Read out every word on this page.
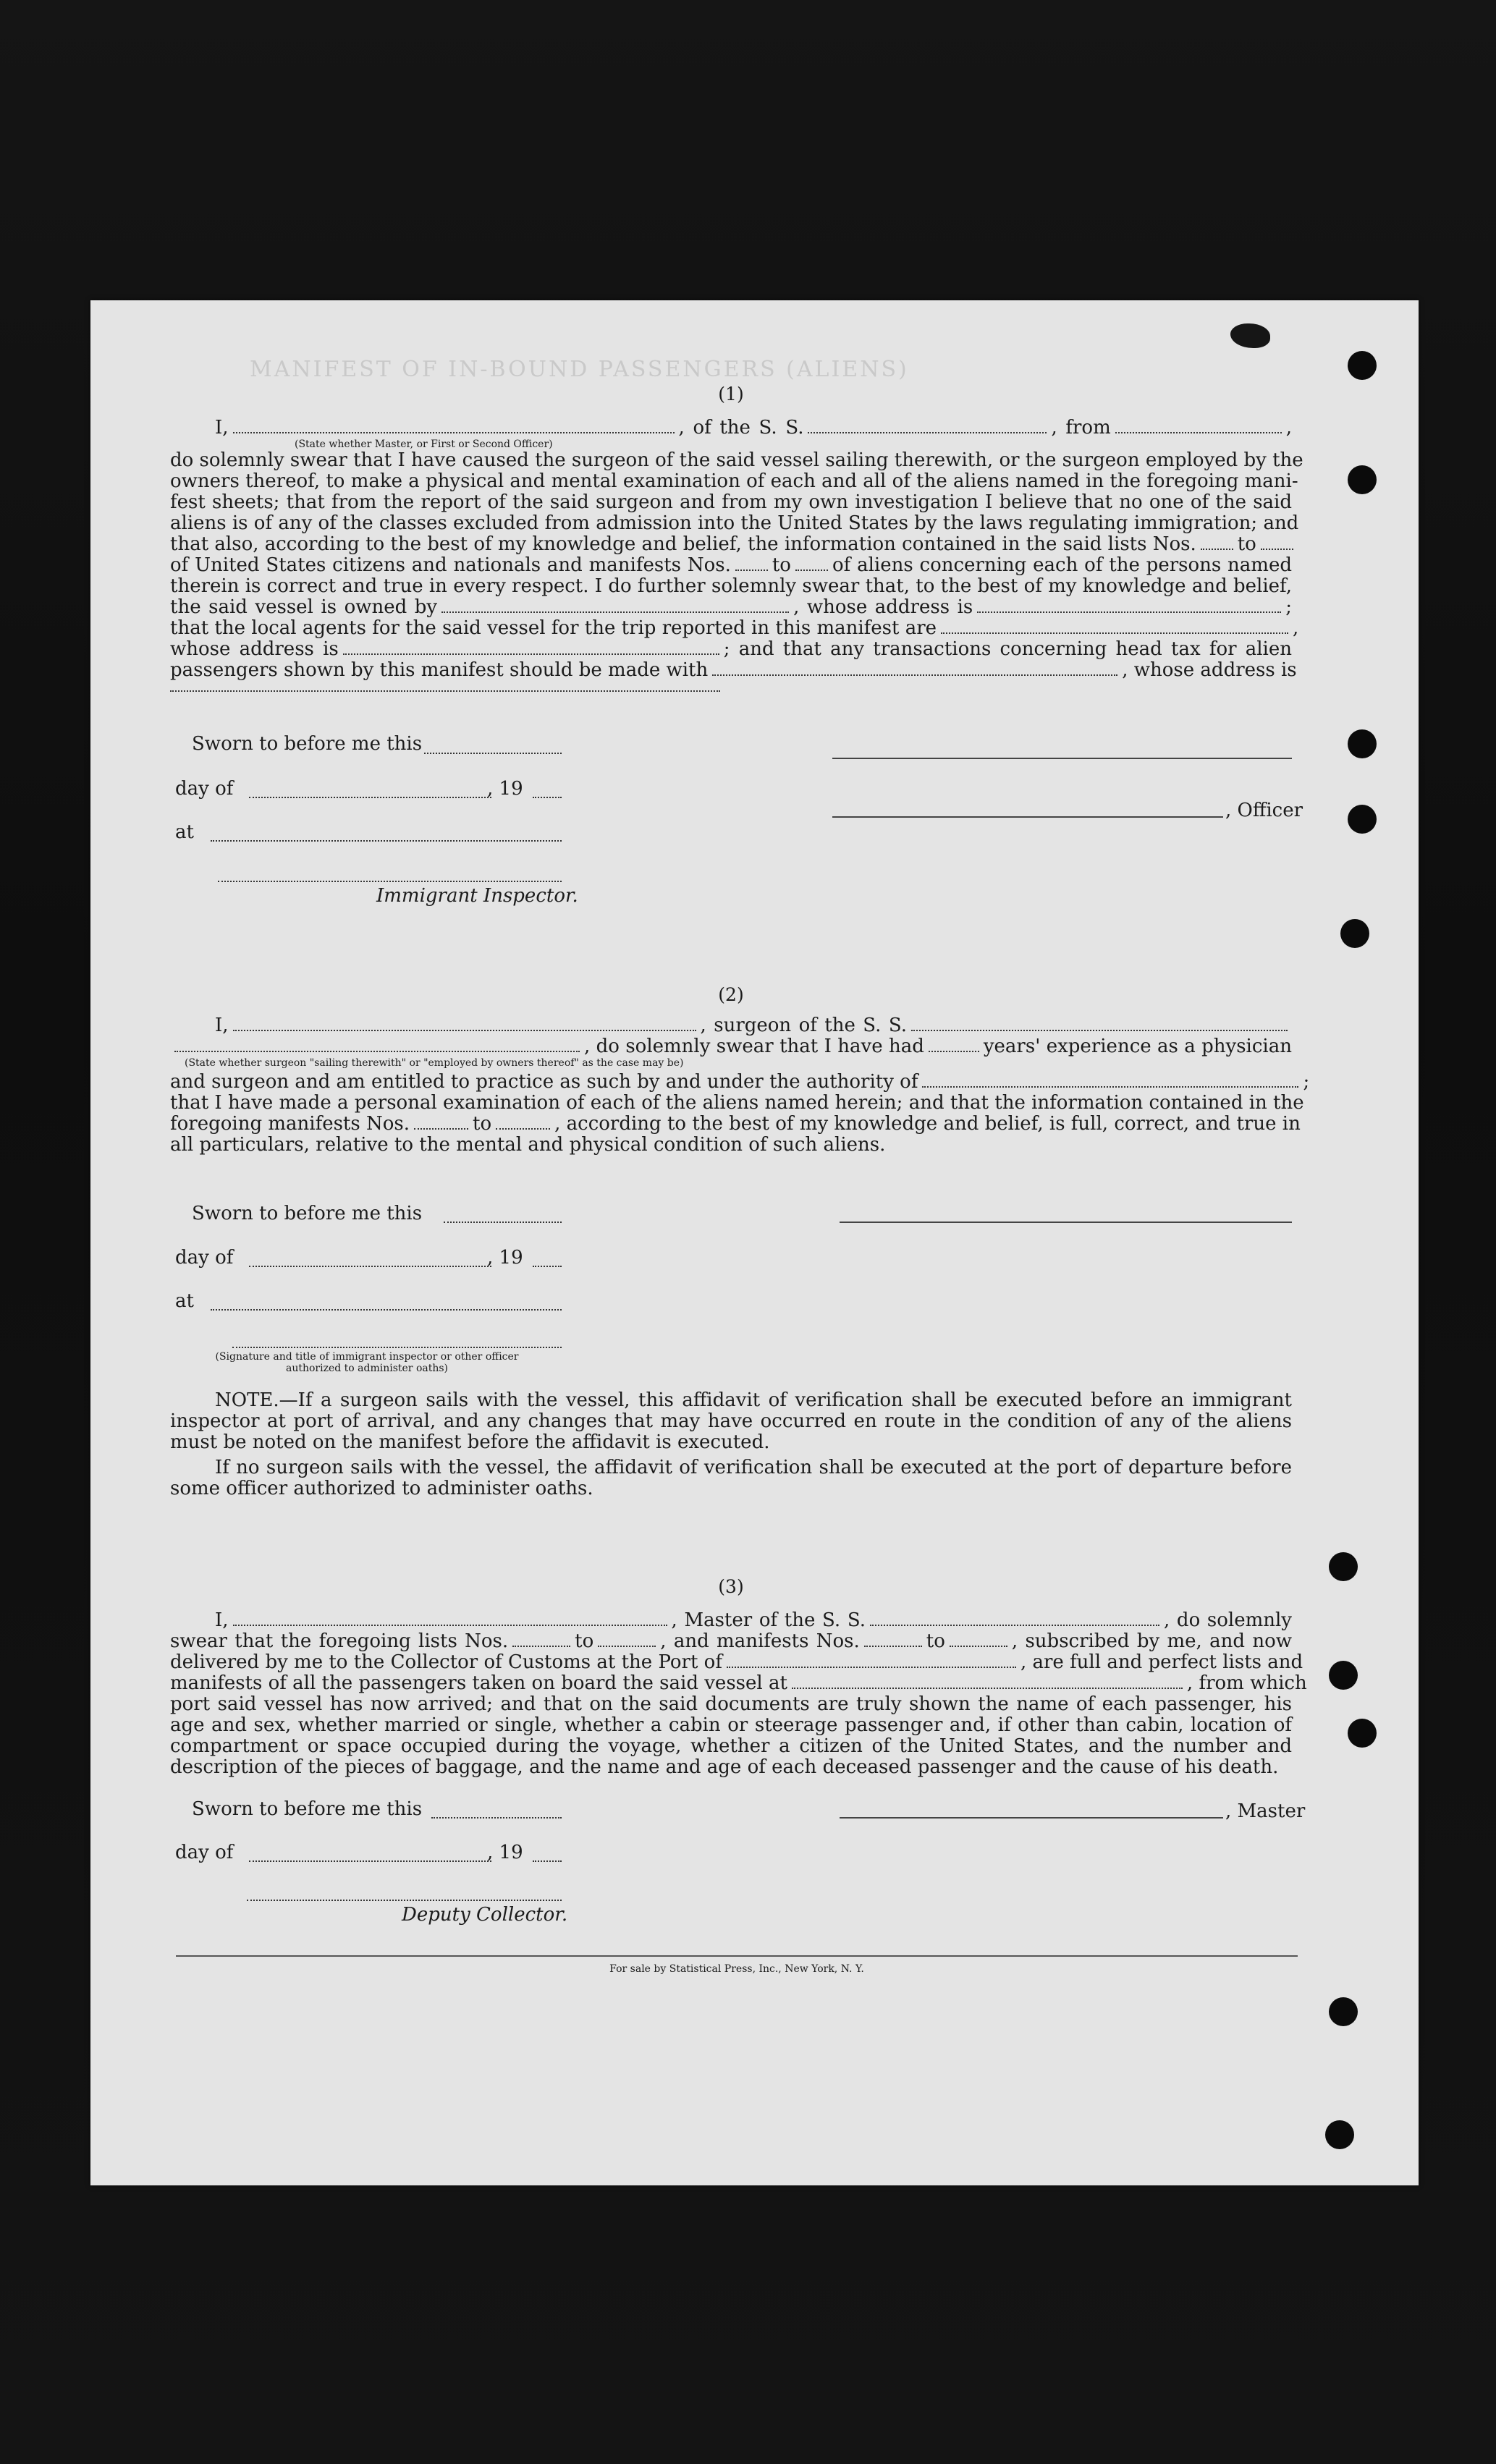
MANIFEST OF IN-BOUND PASSENGERS (ALIENS)
(1)
I,	, of the S. S.	, from	,
(State whether Master, or First or Second Officer)
do solemnly swear that I have caused the surgeon of the said vessel sailing therewith, or the surgeon employed by the
owners thereof, to make a physical and mental examination of each and all of the aliens named in the foregoing mani-
fest sheets; that from the report of the said surgeon and from my own investigation I believe that no one of the said
aliens is of any of the classes excluded from admission into the United States by the laws regulating immigration; and
that also, according to the best of my knowledge and belief, the information contained in the said lists Nos. to
of United States citizens and nationals and manifests Nos. to of aliens concerning each of the persons named
therein is correct and true in every respect. I do further solemnly swear that, to the best of my knowledge and belief,
the said vessel is owned by	, whose address is	;
that the local agents for the said vessel for the trip reported in this manifest are	,
whose address is	; and that any transactions concerning head tax for alien
passengers shown by this manifest should be made with	, whose address is
Sworn to before me this
day of	, 19
at
Immigrant Inspector.
, Officer
(2)
I,	, surgeon of the S. S.
, do solemnly swear that I have had	years' experience as a physician
(State whether surgeon "sailing therewith" or "employed by owners thereof" as the case may be)
and surgeon and am entitled to practice as such by and under the authority of	;
that I have made a personal examination of each of the aliens named herein; and that the information contained in the
foregoing manifests Nos.	to	, according to the best of my knowledge and belief, is full, correct, and true in
all particulars, relative to the mental and physical condition of such aliens.
Sworn to before me this
day of	, 19
at
(Signature and title of immigrant inspector or other officer authorized to administer oaths)
NOTE.—If a surgeon sails with the vessel, this affidavit of verification shall be executed before an immigrant inspector at port of arrival, and any changes that may have occurred en route in the condition of any of the aliens must be noted on the manifest before the affidavit is executed.
If no surgeon sails with the vessel, the affidavit of verification shall be executed at the port of departure before some officer authorized to administer oaths.
(3)
I,	, Master of the S. S.	, do solemnly
swear that the foregoing lists Nos.	to	, and manifests Nos.	to	, subscribed by me, and now
delivered by me to the Collector of Customs at the Port of	, are full and perfect lists and
manifests of all the passengers taken on board the said vessel at	, from which
port said vessel has now arrived; and that on the said documents are truly shown the name of each passenger, his age and sex, whether married or single, whether a cabin or steerage passenger and, if other than cabin, location of compartment or space occupied during the voyage, whether a citizen of the United States, and the number and description of the pieces of baggage, and the name and age of each deceased passenger and the cause of his death.
Sworn to before me this	, Master
day of	, 19
Deputy Collector.
For sale by Statistical Press, Inc., New York, N. Y.
